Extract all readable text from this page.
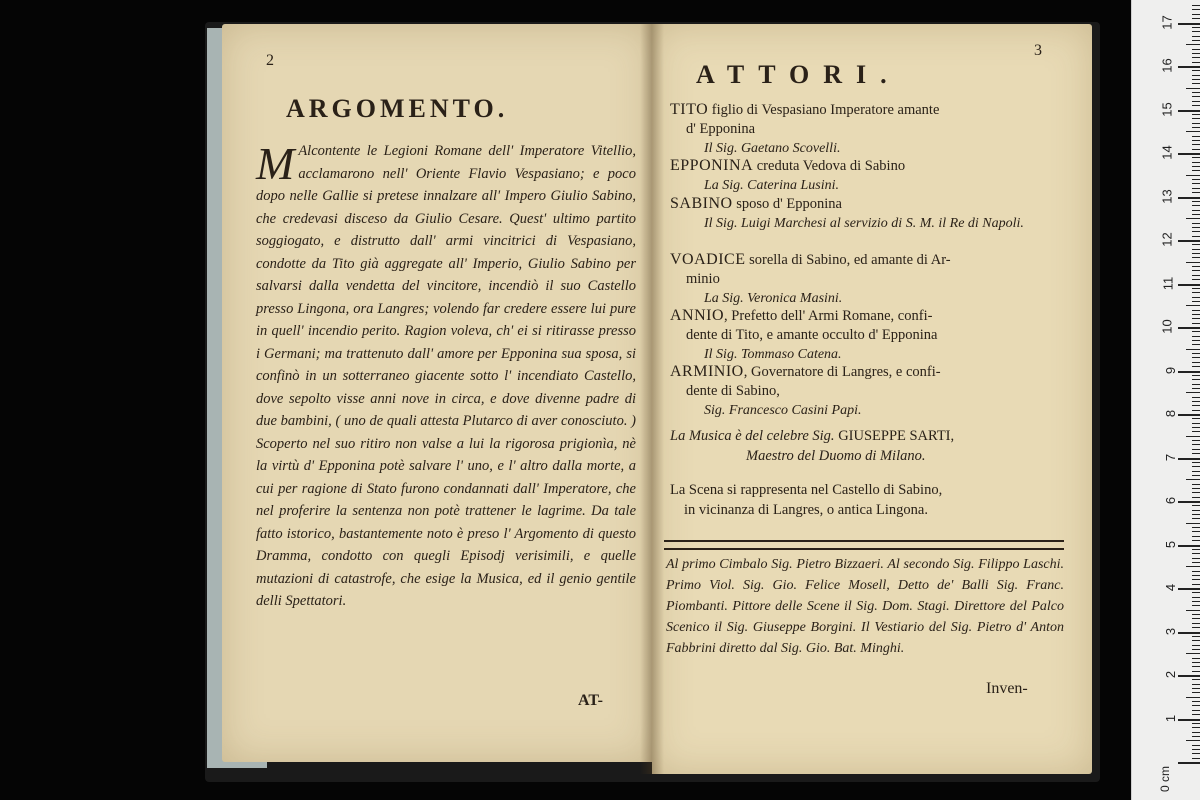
2
ARGOMENTO.
M Alcontente le Legioni Romane dell' Imperatore Vitellio, acclamarono nell' Oriente Flavio Vespasiano; e poco dopo nelle Gallie si pretese innalzare all' Impero Giulio Sabino, che credevasi disceso da Giulio Cesare. Quest' ultimo partito soggiogato, e distrutto dall' armi vincitrici di Vespasiano, condotte da Tito già aggregate all' Imperio, Giulio Sabino per salvarsi dalla vendetta del vincitore, incendiò il suo Castello presso Lingona, ora Langres; volendo far credere essere lui pure in quell' incendio perito. Ragion voleva, ch' ei si ritirasse presso i Germani; ma trattenuto dall' amore per Epponina sua sposa, si confinò in un sotterraneo giacente sotto l' incendiato Castello, dove sepolto visse anni nove in circa, e dove divenne padre di due bambini, ( uno de quali attesta Plutarco di aver conosciuto. ) Scoperto nel suo ritiro non valse a lui la rigorosa prigionìa, nè la virtù d' Epponina potè salvare l' uno, e l' altro dalla morte, a cui per ragione di Stato furono condannati dall' Imperatore, che nel proferire la sentenza non potè trattener le lagrime. Da tale fatto istorico, bastantemente noto è preso l' Argomento di questo Dramma, condotto con quegli Episodj verisimili, e quelle mutazioni di catastrofe, che esige la Musica, ed il genio gentile delli Spettatori.
AT-
3
ATTORI.
TITO figlio di Vespasiano Imperatore amante
d' Epponina
Il Sig. Gaetano Scovelli.
EPPONINA creduta Vedova di Sabino
La Sig. Caterina Lusini.
SABINO sposo d' Epponina
Il Sig. Luigi Marchesi al servizio di S. M. il Re di Napoli.
VOADICE sorella di Sabino, ed amante di Ar-
minio
La Sig. Veronica Masini.
ANNIO, Prefetto dell' Armi Romane, confi-
dente di Tito, e amante occulto d' Epponina
Il Sig. Tommaso Catena.
ARMINIO, Governatore di Langres, e confi-
dente di Sabino,
Sig. Francesco Casini Papi.
La Musica è del celebre Sig. GIUSEPPE SARTI,
Maestro del Duomo di Milano.
La Scena si rappresenta nel Castello di Sabino,
in vicinanza di Langres, o antica Lingona.
Al primo Cimbalo Sig. Pietro Bizzaeri. Al secondo Sig. Filippo Laschi. Primo Viol. Sig. Gio. Felice Mosell, Detto de' Balli Sig. Franc. Piombanti. Pittore delle Scene il Sig. Dom. Stagi. Direttore del Palco Scenico il Sig. Giuseppe Borgini. Il Vestiario del Sig. Pietro d' Anton Fabbrini diretto dal Sig. Gio. Bat. Minghi.
Inven-
0 cm
1
2
3
4
5
6
7
8
9
10
11
12
13
14
15
16
17
